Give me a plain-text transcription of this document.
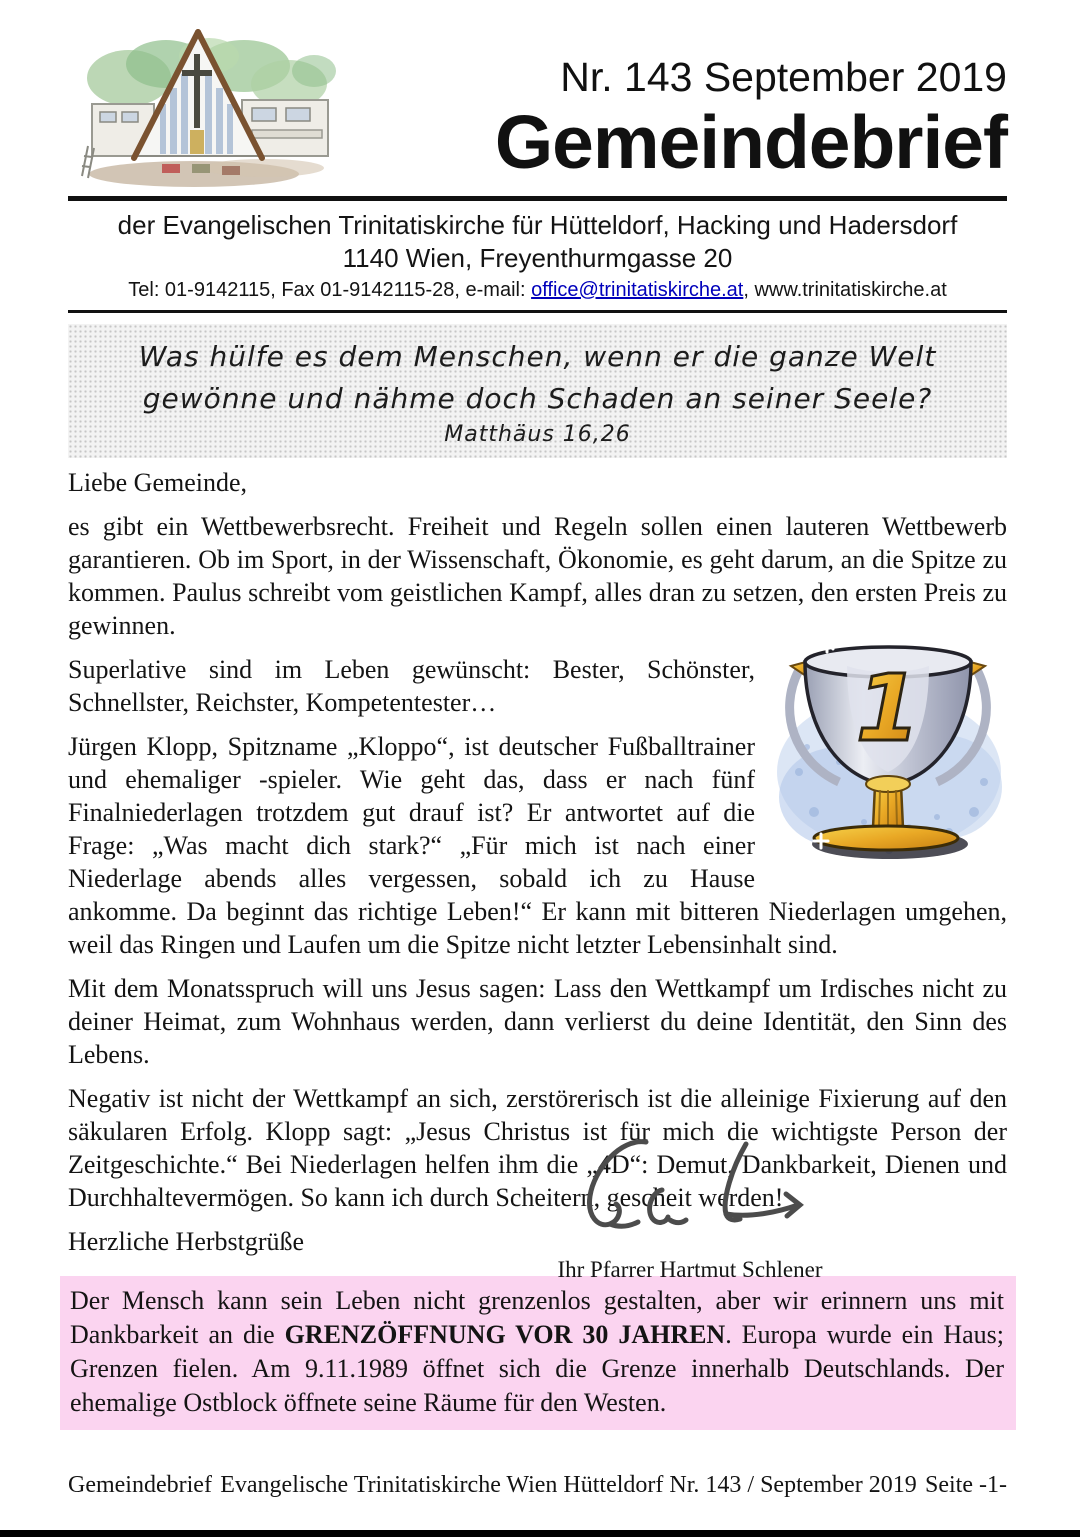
Nr. 143 September 2019
Gemeindebrief
der Evangelischen Trinitatiskirche für Hütteldorf, Hacking und Hadersdorf
1140 Wien, Freyenthurmgasse 20
Tel: 01-9142115, Fax 01-9142115-28, e-mail: office@trinitatiskirche.at, www.trinitatiskirche.at
Was hülfe es dem Menschen, wenn er die ganze Welt gewönne und nähme doch Schaden an seiner Seele?
Matthäus 16,26

Liebe Gemeinde,

es gibt ein Wettbewerbsrecht. Freiheit und Regeln sollen einen lauteren Wettbewerb garantieren. Ob im Sport, in der Wissenschaft, Ökonomie, es geht darum, an die Spitze zu kommen. Paulus schreibt vom geistlichen Kampf, alles dran zu setzen, den ersten Preis zu gewinnen.

1

Superlative sind im Leben gewünscht: Bester, Schönster, Schnellster, Reichster, Kompetentester…

Jürgen Klopp, Spitzname „Kloppo“, ist deutscher Fußballtrainer und ehemaliger -spieler. Wie geht das, dass er nach fünf Finalniederlagen trotzdem gut drauf ist? Er antwortet auf die Frage: „Was macht dich stark?“ „Für mich ist nach einer Niederlage abends alles vergessen, sobald ich zu Hause ankomme. Da beginnt das richtige Leben!“ Er kann mit bitteren Niederlagen umgehen, weil das Ringen und Laufen um die Spitze nicht letzter Lebensinhalt sind.

Mit dem Monatsspruch will uns Jesus sagen: Lass den Wettkampf um Irdisches nicht zu deiner Heimat, zum Wohnhaus werden, dann verlierst du deine Identität, den Sinn des Lebens.

Negativ ist nicht der Wettkampf an sich, zerstörerisch ist die alleinige Fixierung auf den säkularen Erfolg. Klopp sagt: „Jesus Christus ist für mich die wichtigste Person der Zeitgeschichte.“ Bei Niederlagen helfen ihm die „4D“: Demut, Dankbarkeit, Dienen und Durchhaltevermögen. So kann ich durch Scheitern, gescheit werden!

Herzliche Herbstgrüße

Der Mensch kann sein Leben nicht grenzenlos gestalten, aber wir erinnern uns mit Dankbarkeit an die GRENZÖFFNUNG VOR 30 JAHREN. Europa wurde ein Haus; Grenzen fielen. Am 9.11.1989 öffnet sich die Grenze innerhalb Deutschlands. Der ehemalige Ostblock öffnete seine Räume für den Westen.
Ihr Pfarrer Hartmut Schlener
Gemeindebrief Evangelische Trinitatiskirche Wien Hütteldorf Nr. 143 / September 2019 Seite -1-
